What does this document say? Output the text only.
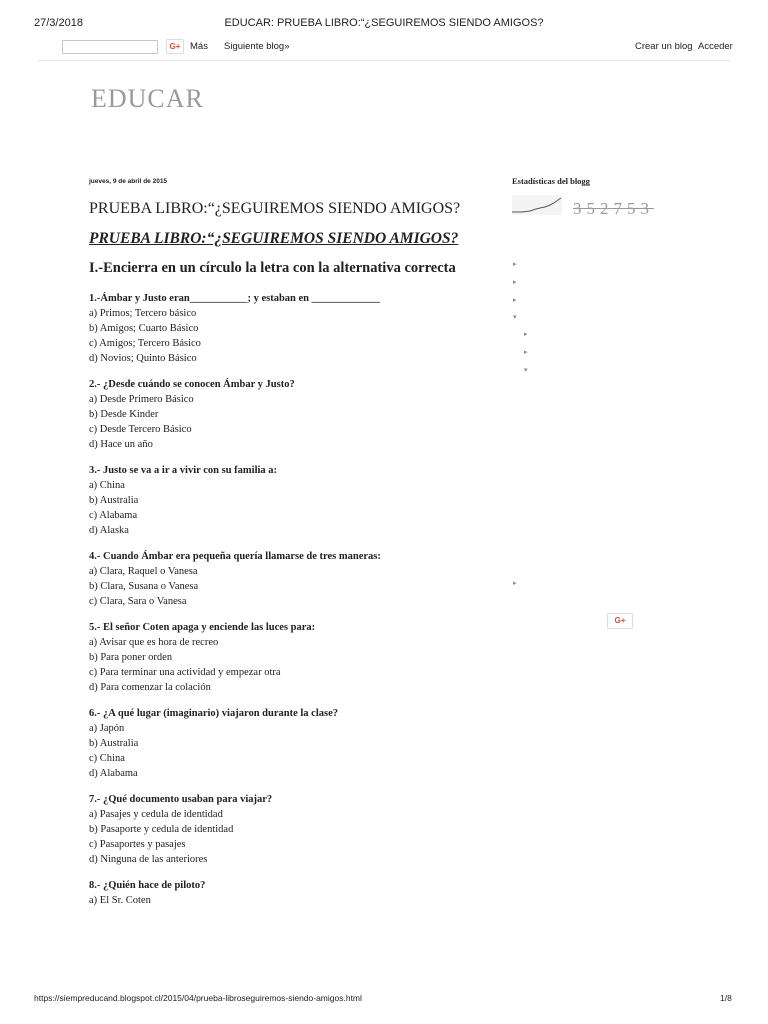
27/3/2018	EDUCAR: PRUEBA LIBRO:“¿SEGUIREMOS SIENDO AMIGOS?
G+	Más Siguiente blog»	Crear un blog Acceder
EDUCAR
jueves, 9 de abril de 2015
PRUEBA LIBRO:“¿SEGUIREMOS SIENDO AMIGOS?
PRUEBA LIBRO:“¿SEGUIREMOS SIENDO AMIGOS?
I.-Encierra en un círculo la letra con la alternativa correcta
1.-Ámbar y Justo eran___________; y estaban en _____________
a) Primos; Tercero básico
b) Amigos; Cuarto Básico
c) Amigos; Tercero Básico
d) Novios; Quinto Básico
2.- ¿Desde cuándo se conocen Ámbar y Justo?
a) Desde Primero Básico
b) Desde Kinder
c) Desde Tercero Básico
d) Hace un año
3.- Justo se va a ir a vivir con su familia a:
a) China
b) Australia
c) Alabama
d) Alaska
4.- Cuando Ámbar era pequeña quería llamarse de tres maneras:
a) Clara, Raquel o Vanesa
b) Clara, Susana o Vanesa
c) Clara, Sara o Vanesa
5.- El señor Coten apaga y enciende las luces para:
a) Avisar que es hora de recreo
b) Para poner orden
c) Para terminar una actividad y empezar otra
d) Para comenzar la colación
6.- ¿A qué lugar (imaginario) viajaron durante la clase?
a) Japón
b) Australia
c) China
d) Alabama
7.- ¿Qué documento usaban para viajar?
a) Pasajes y cedula de identidad
b) Pasaporte y cedula de identidad
c) Pasaportes y pasajes
d) Ninguna de las anteriores
8.- ¿Quién hace de piloto?
a) El Sr. Coten
Estadísticas del blogg
352753
▸
▸
▸
▾
▸
▸
▾
▸
G+
https://siempreducand.blogspot.cl/2015/04/prueba-libroseguiremos-siendo-amigos.html	1/8
